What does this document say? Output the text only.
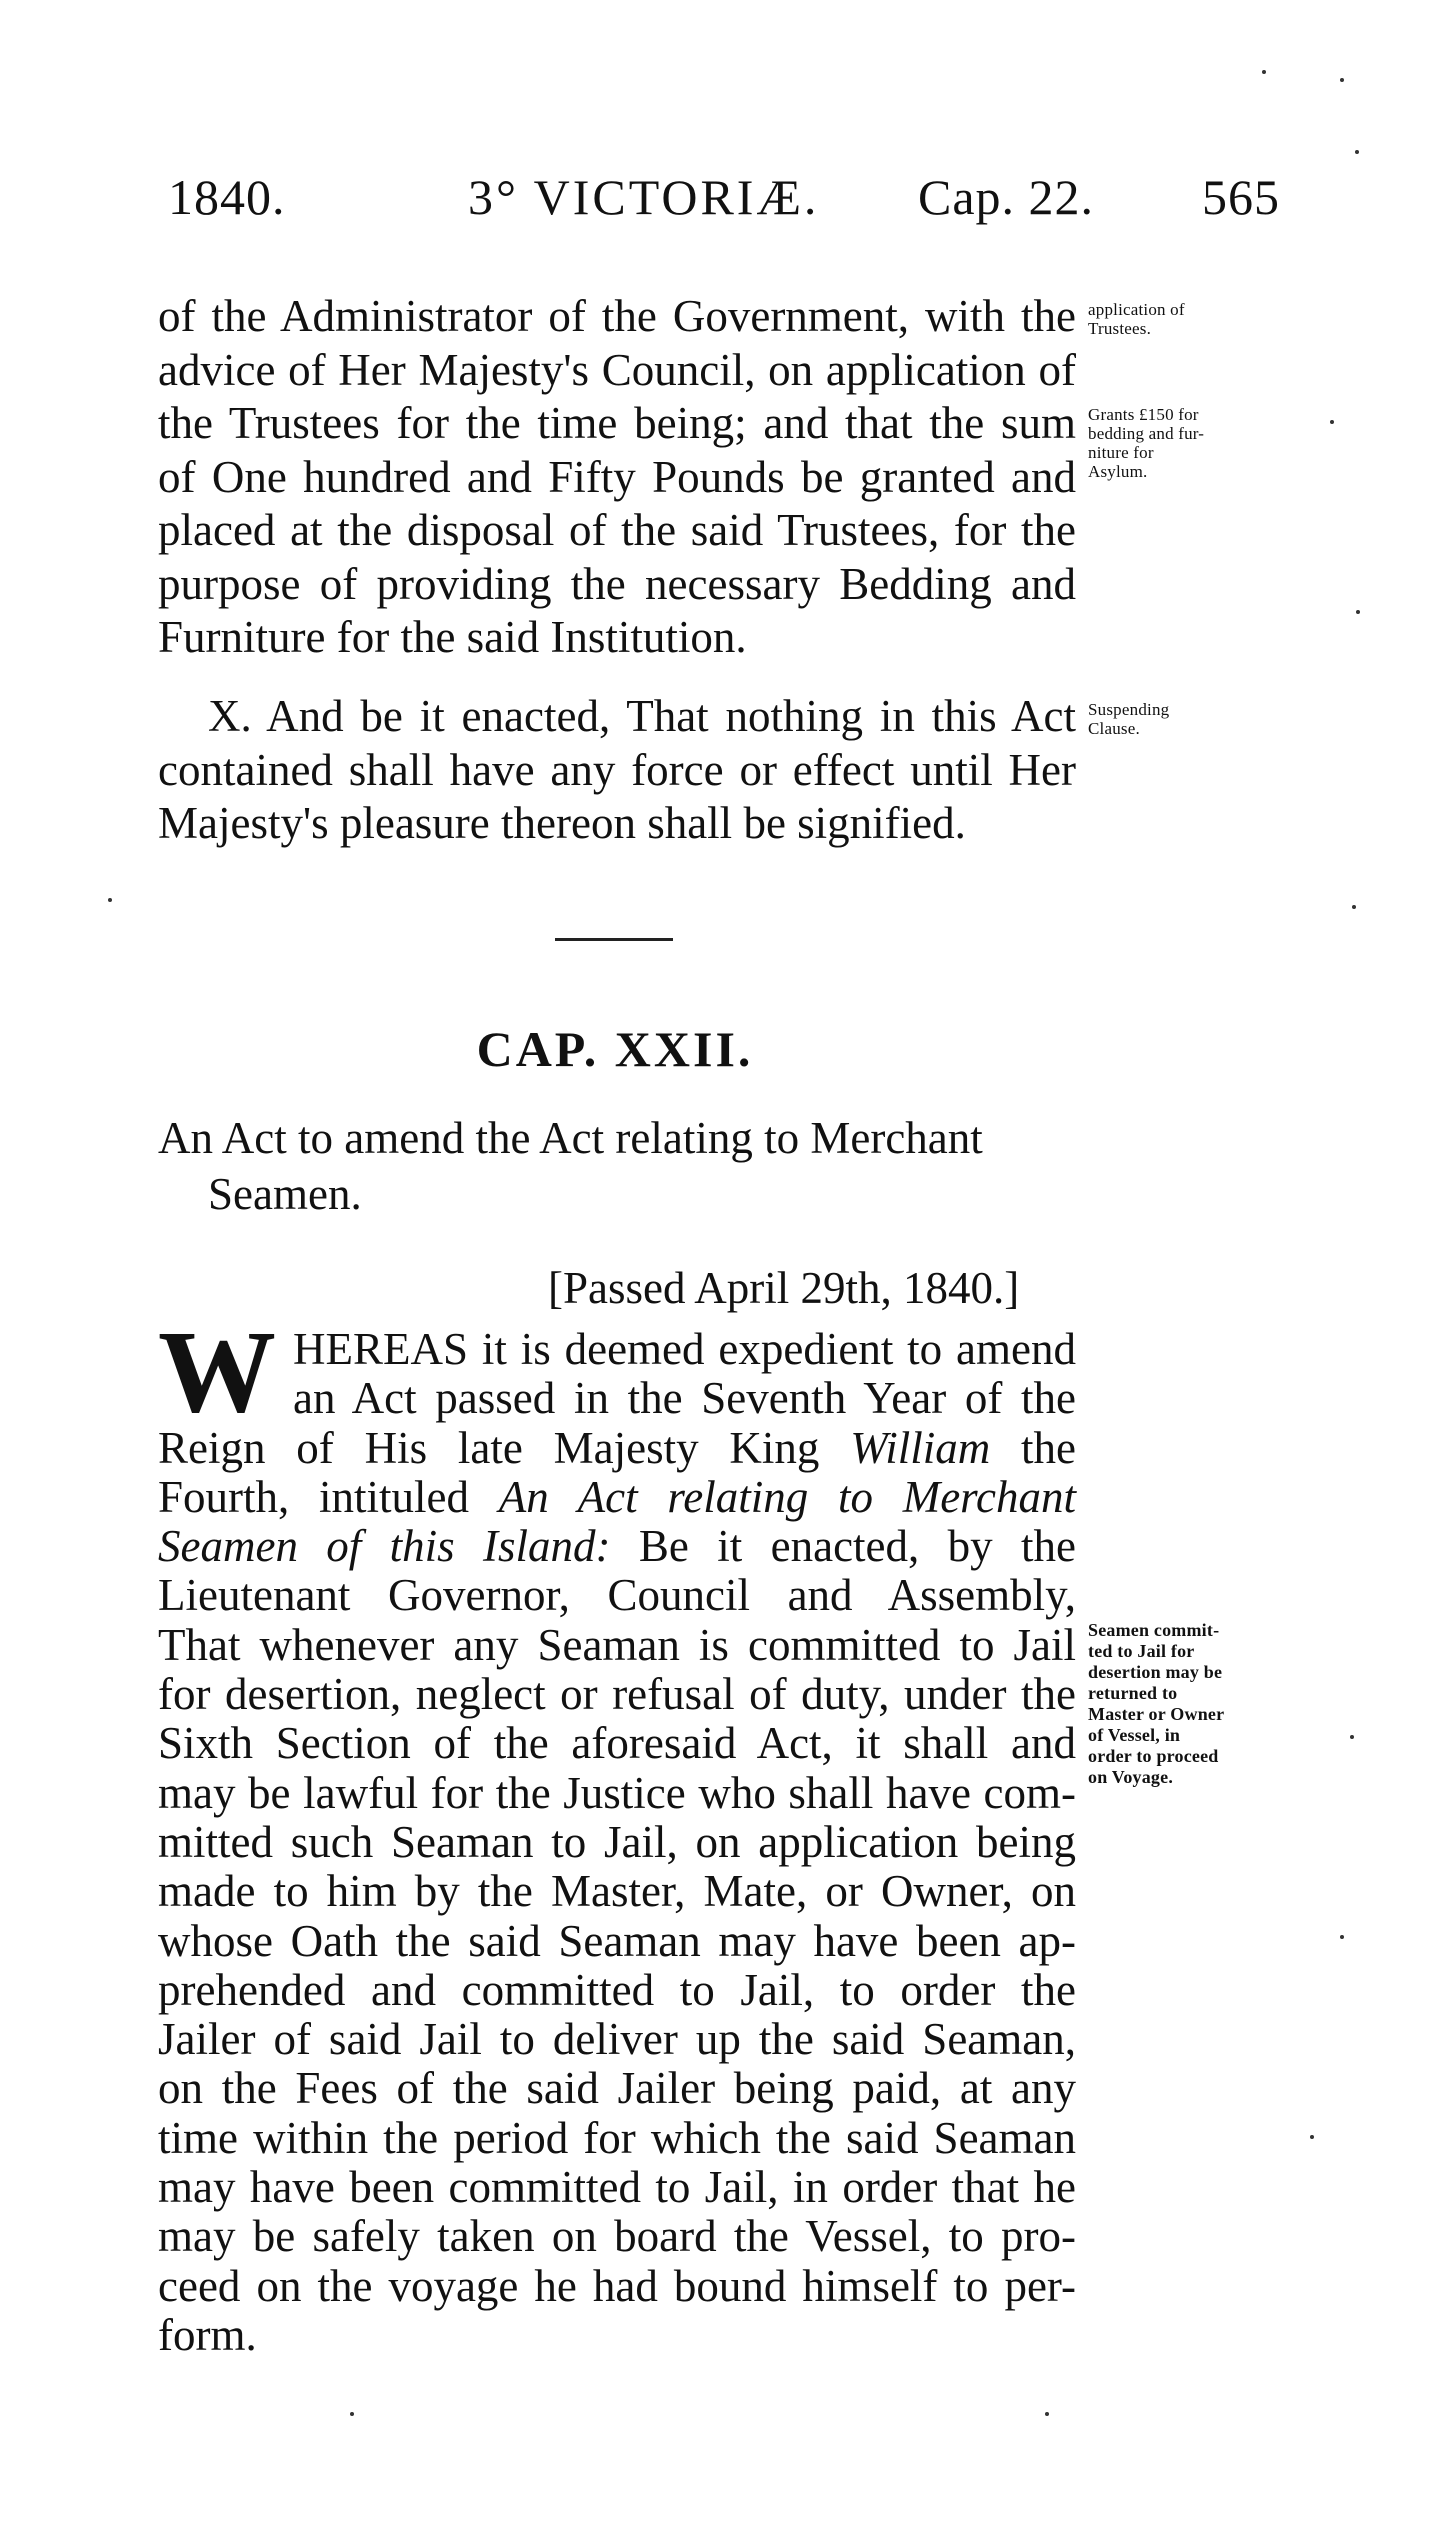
1840.	3° VICTORIÆ. Cap. 22. 565
of the Administrator of the Government, with the
advice of Her Majesty's Council, on application of
the Trustees for the time being; and that the sum
of One hundred and Fifty Pounds be granted and
placed at the disposal of the said Trustees, for the
purpose of providing the necessary Bedding and
Furniture for the said Institution.
application of
Trustees.
Grants £150 for
bedding and fur-
niture for
Asylum.
X. And be it enacted, That nothing in this Act
contained shall have any force or effect until Her
Majesty's pleasure thereon shall be signified.
Suspending
Clause.
CAP. XXII.
An Act to amend the Act relating to Merchant
Seamen.
[Passed April 29th, 1840.]
W HEREAS it is deemed expedient to amend
an Act passed in the Seventh Year of the
Reign of His late Majesty King William the
Fourth, intituled An Act relating to Merchant
Seamen of this Island: Be it enacted, by the
Lieutenant Governor, Council and Assembly,
That whenever any Seaman is committed to Jail
for desertion, neglect or refusal of duty, under the
Sixth Section of the aforesaid Act, it shall and
may be lawful for the Justice who shall have com-
mitted such Seaman to Jail, on application being
made to him by the Master, Mate, or Owner, on
whose Oath the said Seaman may have been ap-
prehended and committed to Jail, to order the
Jailer of said Jail to deliver up the said Seaman,
on the Fees of the said Jailer being paid, at any
time within the period for which the said Seaman
may have been committed to Jail, in order that he
may be safely taken on board the Vessel, to pro-
ceed on the voyage he had bound himself to per-
form.
Seamen commit-
ted to Jail for
desertion may be
returned to
Master or Owner
of Vessel, in
order to proceed
on Voyage.
